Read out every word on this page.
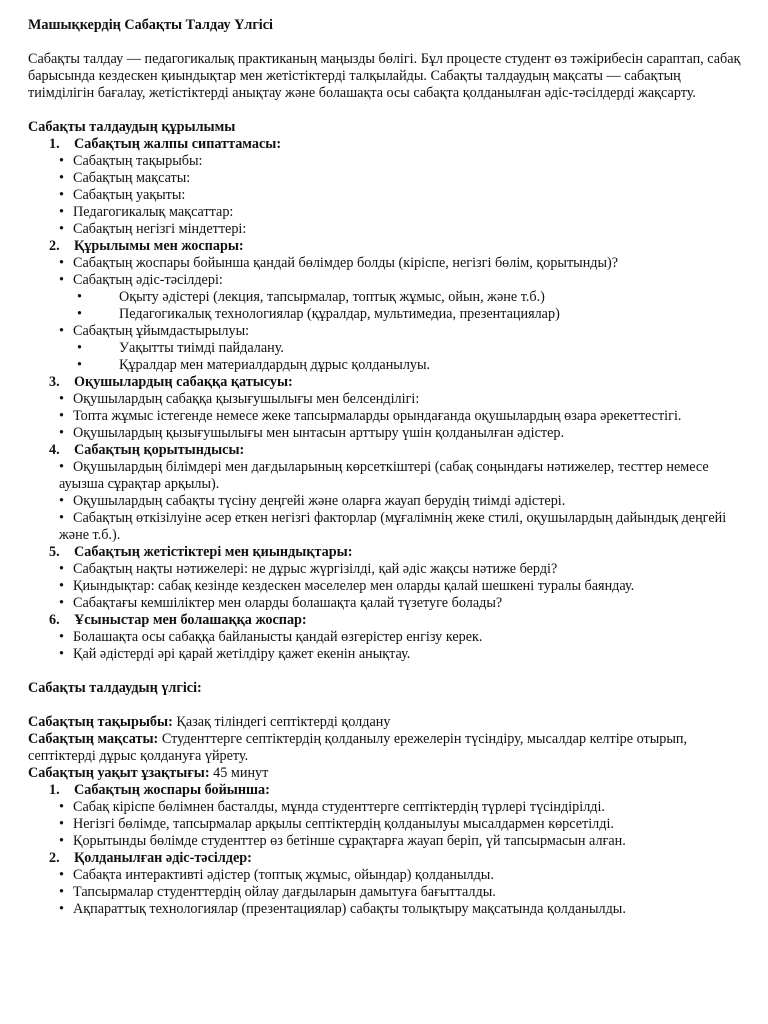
Машықкердің Сабақты Талдау Үлгісі

Сабақты талдау — педагогикалық практиканың маңызды бөлігі. Бұл процесте студент өз тәжірибесін сараптап, сабақ барысында кездескен қиындықтар мен жетістіктерді талқылайды. Сабақты талдаудың мақсаты — сабақтың тиімділігін бағалау, жетістіктерді анықтау және болашақта осы сабақта қолданылған әдіс-тәсілдерді жақсарту.

Сабақты талдаудың құрылымы

1. Сабақтың жалпы сипаттамасы:

• Сабақтың тақырыбы:

• Сабақтың мақсаты:

• Сабақтың уақыты:

• Педагогикалық мақсаттар:

• Сабақтың негізгі міндеттері:

2. Құрылымы мен жоспары:

• Сабақтың жоспары бойынша қандай бөлімдер болды (кіріспе, негізгі бөлім, қорытынды)?

• Сабақтың әдіс-тәсілдері:

•	Оқыту әдістері (лекция, тапсырмалар, топтық жұмыс, ойын, және т.б.)

•	Педагогикалық технологиялар (құралдар, мультимедиа, презентациялар)

• Сабақтың ұйымдастырылуы:

•	Уақытты тиімді пайдалану.

•	Құралдар мен материалдардың дұрыс қолданылуы.

3. Оқушылардың сабаққа қатысуы:

• Оқушылардың сабаққа қызығушылығы мен белсенділігі:

• Топта жұмыс істегенде немесе жеке тапсырмаларды орындағанда оқушылардың өзара әрекеттестігі.

• Оқушылардың қызығушылығы мен ынтасын арттыру үшін қолданылған әдістер.

4. Сабақтың қорытындысы:

• Оқушылардың білімдері мен дағдыларының көрсеткіштері (сабақ соңындағы нәтижелер, тесттер немесе ауызша сұрақтар арқылы).

• Оқушылардың сабақты түсіну деңгейі және оларға жауап берудің тиімді әдістері.

• Сабақтың өткізілуіне әсер еткен негізгі факторлар (мұғалімнің жеке стилі, оқушылардың дайындық деңгейі және т.б.).

5. Сабақтың жетістіктері мен қиындықтары:

• Сабақтың нақты нәтижелері: не дұрыс жүргізілді, қай әдіс жақсы нәтиже берді?

• Қиындықтар: сабақ кезінде кездескен мәселелер мен оларды қалай шешкені туралы баяндау.

• Сабақтағы кемшіліктер мен оларды болашақта қалай түзетуге болады?

6. Ұсыныстар мен болашаққа жоспар:

• Болашақта осы сабаққа байланысты қандай өзгерістер енгізу керек.

• Қай әдістерді әрі қарай жетілдіру қажет екенін анықтау.

Сабақты талдаудың үлгісі:

Сабақтың тақырыбы: Қазақ тіліндегі септіктерді қолдану

Сабақтың мақсаты: Студенттерге септіктердің қолданылу ережелерін түсіндіру, мысалдар келтіре отырып, септіктерді дұрыс қолдануға үйрету.

Сабақтың уақыт ұзақтығы: 45 минут

1. Сабақтың жоспары бойынша:

• Сабақ кіріспе бөлімнен басталды, мұнда студенттерге септіктердің түрлері түсіндірілді.

• Негізгі бөлімде, тапсырмалар арқылы септіктердің қолданылуы мысалдармен көрсетілді.

• Қорытынды бөлімде студенттер өз бетінше сұрақтарға жауап беріп, үй тапсырмасын алған.

2. Қолданылған әдіс-тәсілдер:

• Сабақта интерактивті әдістер (топтық жұмыс, ойындар) қолданылды.

• Тапсырмалар студенттердің ойлау дағдыларын дамытуға бағытталды.

• Ақпараттық технологиялар (презентациялар) сабақты толықтыру мақсатында қолданылды.
